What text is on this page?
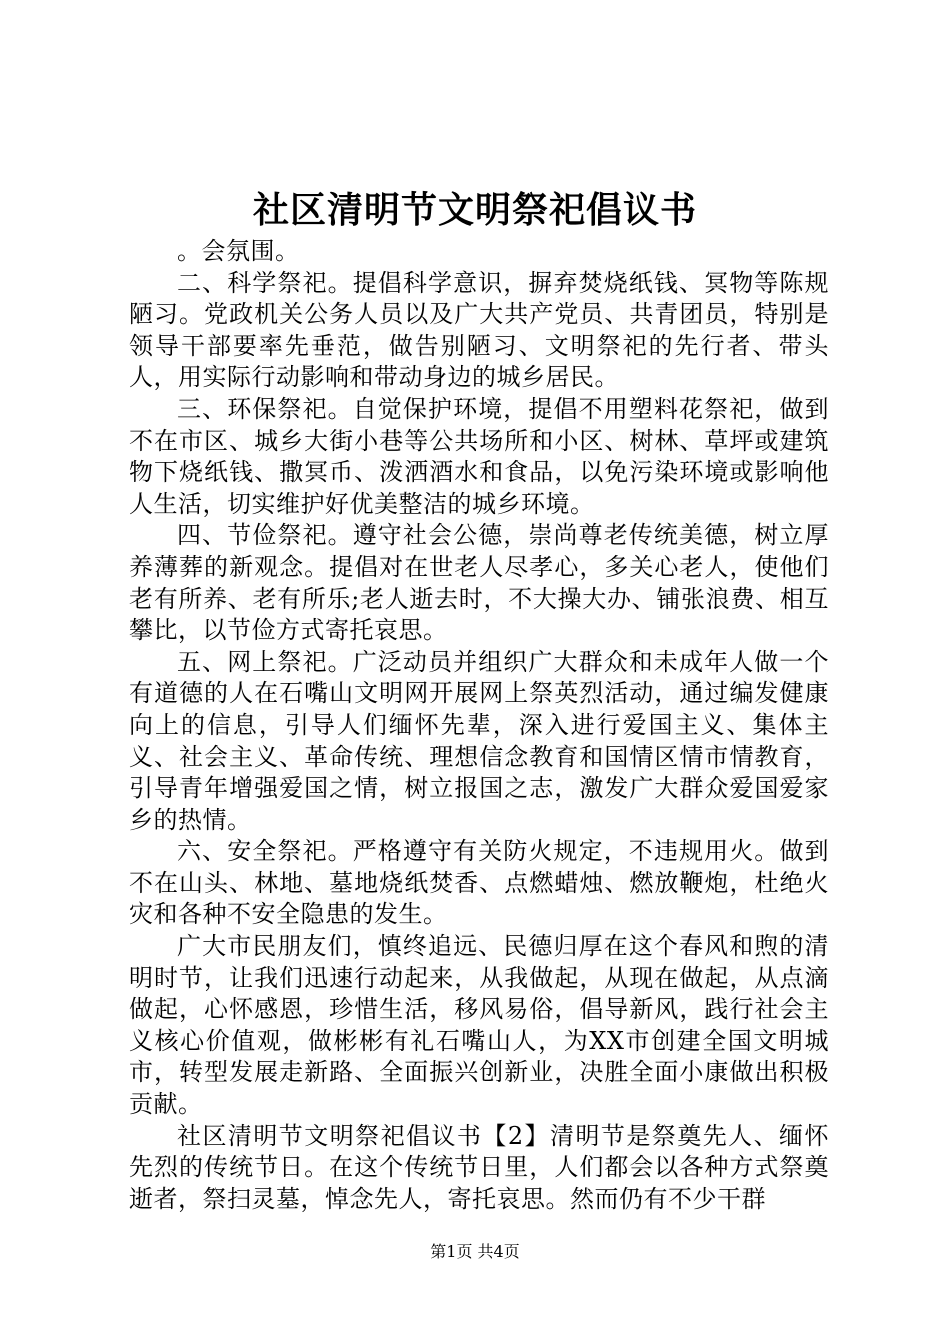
社区清明节文明祭祀倡议书

。会氛围。

二、科学祭祀。提倡科学意识，摒弃焚烧纸钱、冥物等陈规陋习。党政机关公务人员以及广大共产党员、共青团员，特别是领导干部要率先垂范，做告别陋习、文明祭祀的先行者、带头人，用实际行动影响和带动身边的城乡居民。

三、环保祭祀。自觉保护环境，提倡不用塑料花祭祀，做到不在市区、城乡大街小巷等公共场所和小区、树林、草坪或建筑物下烧纸钱、撒冥币、泼洒酒水和食品，以免污染环境或影响他人生活，切实维护好优美整洁的城乡环境。

四、节俭祭祀。遵守社会公德，崇尚尊老传统美德，树立厚养薄葬的新观念。提倡对在世老人尽孝心，多关心老人，使他们老有所养、老有所乐;老人逝去时，不大操大办、铺张浪费、相互攀比，以节俭方式寄托哀思。

五、网上祭祀。广泛动员并组织广大群众和未成年人做一个有道德的人在石嘴山文明网开展网上祭英烈活动，通过编发健康向上的信息，引导人们缅怀先辈，深入进行爱国主义、集体主义、社会主义、革命传统、理想信念教育和国情区情市情教育，引导青年增强爱国之情，树立报国之志，激发广大群众爱国爱家乡的热情。

六、安全祭祀。严格遵守有关防火规定，不违规用火。做到不在山头、林地、墓地烧纸焚香、点燃蜡烛、燃放鞭炮，杜绝火灾和各种不安全隐患的发生。

广大市民朋友们，慎终追远、民德归厚在这个春风和煦的清明时节，让我们迅速行动起来，从我做起，从现在做起，从点滴做起，心怀感恩，珍惜生活，移风易俗，倡导新风，践行社会主义核心价值观，做彬彬有礼石嘴山人，为XX市创建全国文明城市，转型发展走新路、全面振兴创新业，决胜全面小康做出积极贡献。

社区清明节文明祭祀倡议书【2】清明节是祭奠先人、缅怀先烈的传统节日。在这个传统节日里，人们都会以各种方式祭奠逝者，祭扫灵墓，悼念先人，寄托哀思。然而仍有不少干群

第1页 共4页
